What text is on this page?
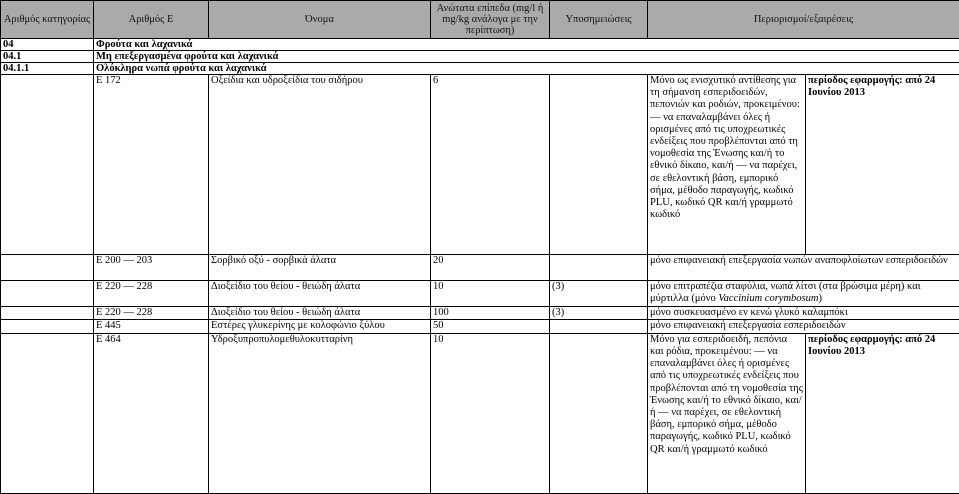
Αριθμός κατηγορίας	Αριθμός Ε	Όνομα	Ανώτατα επίπεδα (mg/l ή mg/kg ανάλογα με την περίπτωση)	Υποσημειώσεις	Περιορισμοί/εξαιρέσεις	
04	Φρούτα και λαχανικά					
04.1	Μη επεξεργασμένα φρούτα και λαχανικά					
04.1.1	Ολόκληρα νωπά φρούτα και λαχανικά					
	E 172	Οξείδια και υδροξείδια του σιδήρου	6		Μόνο ως ενισχυτικό αντίθεσης για τη σήμανση εσπεριδοειδών, πεπονιών και ροδιών, προκειμένου: — να επαναλαμβάνει όλες ή ορισμένες από τις υποχρεωτικές ενδείξεις που προβλέπονται από τη νομοθεσία της Ένωσης και/ή το εθνικό δίκαιο, και/ή — να παρέχει, σε εθελοντική βάση, εμπορικό σήμα, μέθοδο παραγωγής, κωδικό PLU, κωδικό QR και/ή γραμμωτό κωδικό	περίοδος εφαρμογής: από 24 Ιουνίου 2013
	E 200 — 203	Σορβικό οξύ - σορβικά άλατα	20		μόνο επιφανειακή επεξεργασία νωπών αναποφλοίωτων εσπεριδοειδών	
	E 220 — 228	Διοξείδιο του θείου - θειώδη άλατα	10	(3)	μόνο επιτραπέζια σταφύλια, νωπά λίτσι (στα βρώσιμα μέρη) και μύρτιλλα (μόνο Vaccinium corymbosum)	
	E 220 — 228	Διοξείδιο του θείου - θειώδη άλατα	100	(3)	μόνο συσκευασμένο εν κενώ γλυκό καλαμπόκι	
	E 445	Εστέρες γλυκερίνης με κολοφώνιο ξύλου	50		μόνο επιφανειακή επεξεργασία εσπεριδοειδών	
	E 464	Υδροξυπροπυλομεθυλοκυτταρίνη	10		Μόνο για εσπεριδοειδή, πεπόνια και ρόδια, προκειμένου: — να επαναλαμβάνει όλες ή ορισμένες από τις υποχρεωτικές ενδείξεις που προβλέπονται από τη νομοθεσία της Ένωσης και/ή το εθνικό δίκαιο, και/ή — να παρέχει, σε εθελοντική βάση, εμπορικό σήμα, μέθοδο παραγωγής, κωδικό PLU, κωδικό QR και/ή γραμμωτό κωδικό	περίοδος εφαρμογής: από 24 Ιουνίου 2013
